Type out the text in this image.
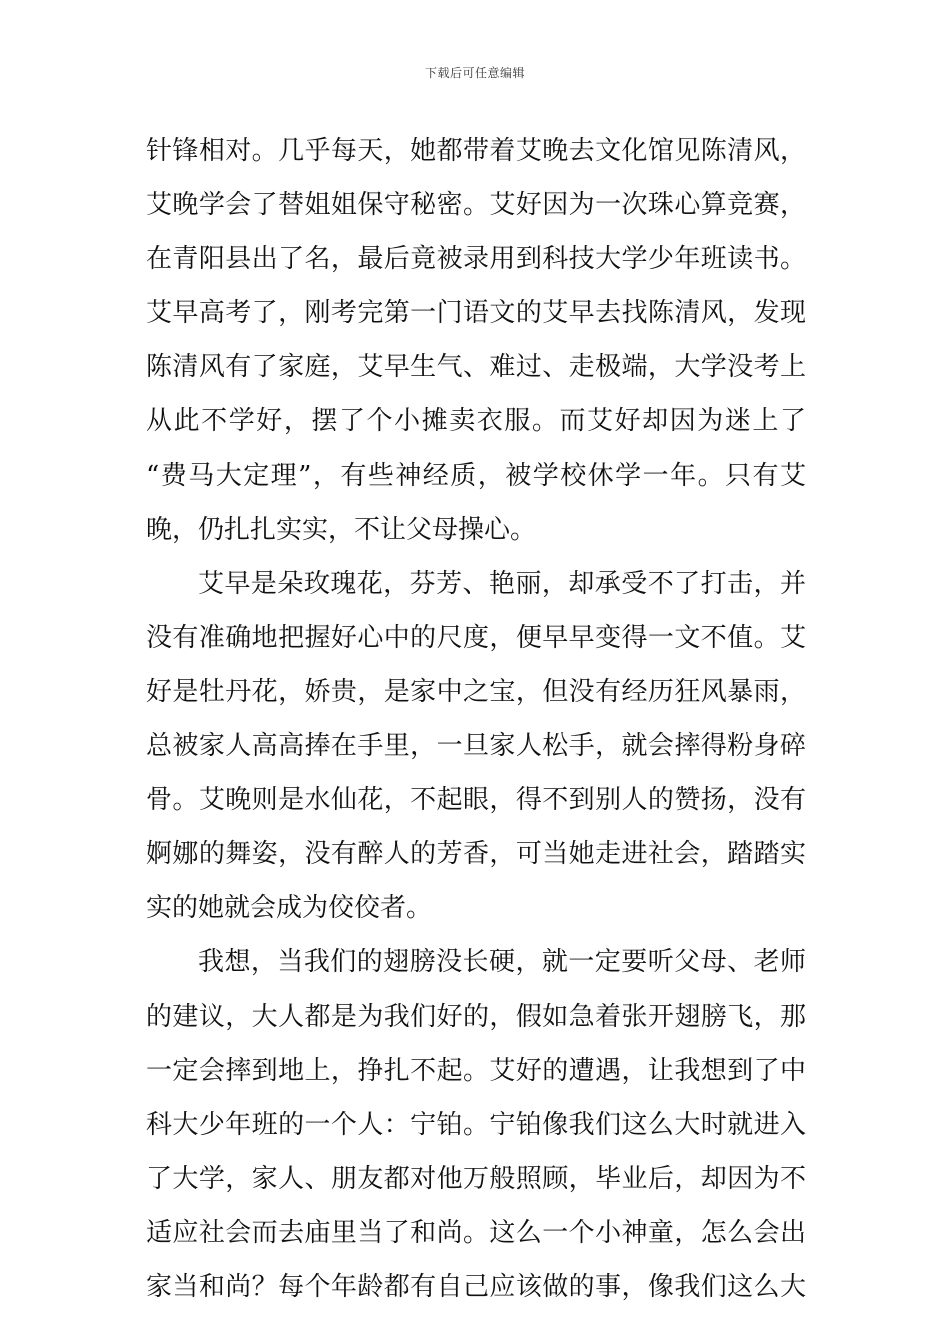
下载后可任意编辑
针锋相对。几乎每天，她都带着艾晚去文化馆见陈清风，
艾晚学会了替姐姐保守秘密。艾好因为一次珠心算竞赛，
在青阳县出了名，最后竟被录用到科技大学少年班读书。
艾早高考了，刚考完第一门语文的艾早去找陈清风，发现
陈清风有了家庭，艾早生气、难过、走极端，大学没考上
从此不学好，摆了个小摊卖衣服。而艾好却因为迷上了
“费马大定理”，有些神经质，被学校休学一年。只有艾
晚，仍扎扎实实，不让父母操心。
艾早是朵玫瑰花，芬芳、艳丽，却承受不了打击，并
没有准确地把握好心中的尺度，便早早变得一文不值。艾
好是牡丹花，娇贵，是家中之宝，但没有经历狂风暴雨，
总被家人高高捧在手里，一旦家人松手，就会摔得粉身碎
骨。艾晚则是水仙花，不起眼，得不到别人的赞扬，没有
婀娜的舞姿，没有醉人的芳香，可当她走进社会，踏踏实
实的她就会成为佼佼者。
我想，当我们的翅膀没长硬，就一定要听父母、老师
的建议，大人都是为我们好的，假如急着张开翅膀飞，那
一定会摔到地上，挣扎不起。艾好的遭遇，让我想到了中
科大少年班的一个人：宁铂。宁铂像我们这么大时就进入
了大学，家人、朋友都对他万般照顾，毕业后，却因为不
适应社会而去庙里当了和尚。这么一个小神童，怎么会出
家当和尚？每个年龄都有自己应该做的事，像我们这么大
